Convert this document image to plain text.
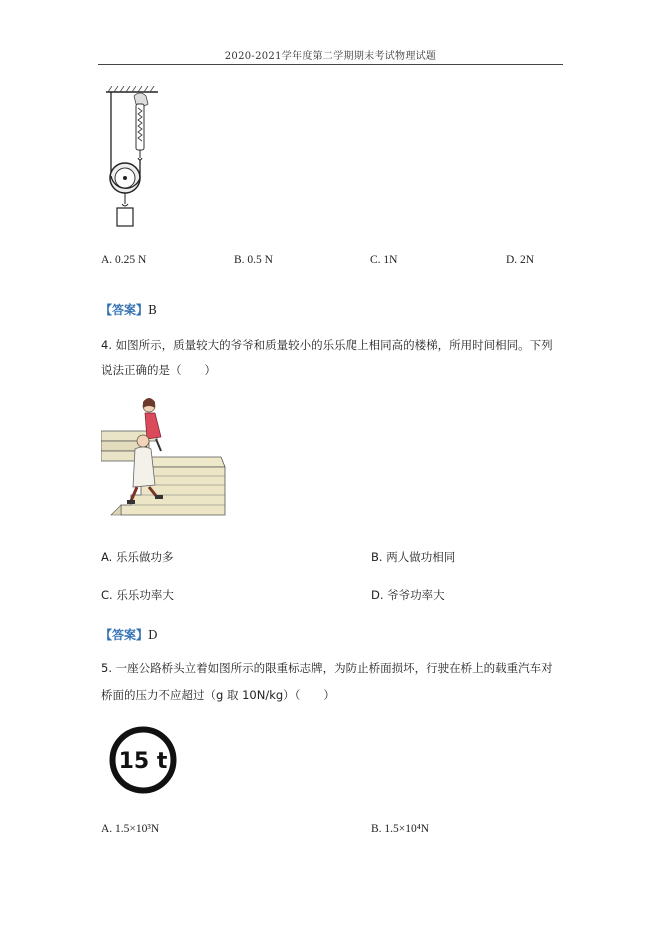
2020-2021学年度第二学期期末考试物理试题
A. 0.25 N	B. 0.5 N	C. 1N	D. 2N
【答案】B
4. 如图所示，质量较大的爷爷和质量较小的乐乐爬上相同高的楼梯，所用时间相同。下列
说法正确的是（　　）
A. 乐乐做功多	B. 两人做功相同
C. 乐乐功率大	D. 爷爷功率大
【答案】D
5. 一座公路桥头立着如图所示的限重标志牌，为防止桥面损坏，行驶在桥上的载重汽车对
桥面的压力不应超过（g 取 10N/kg）（　　）
15 t
A. 1.5×10³N	B. 1.5×10⁴N
